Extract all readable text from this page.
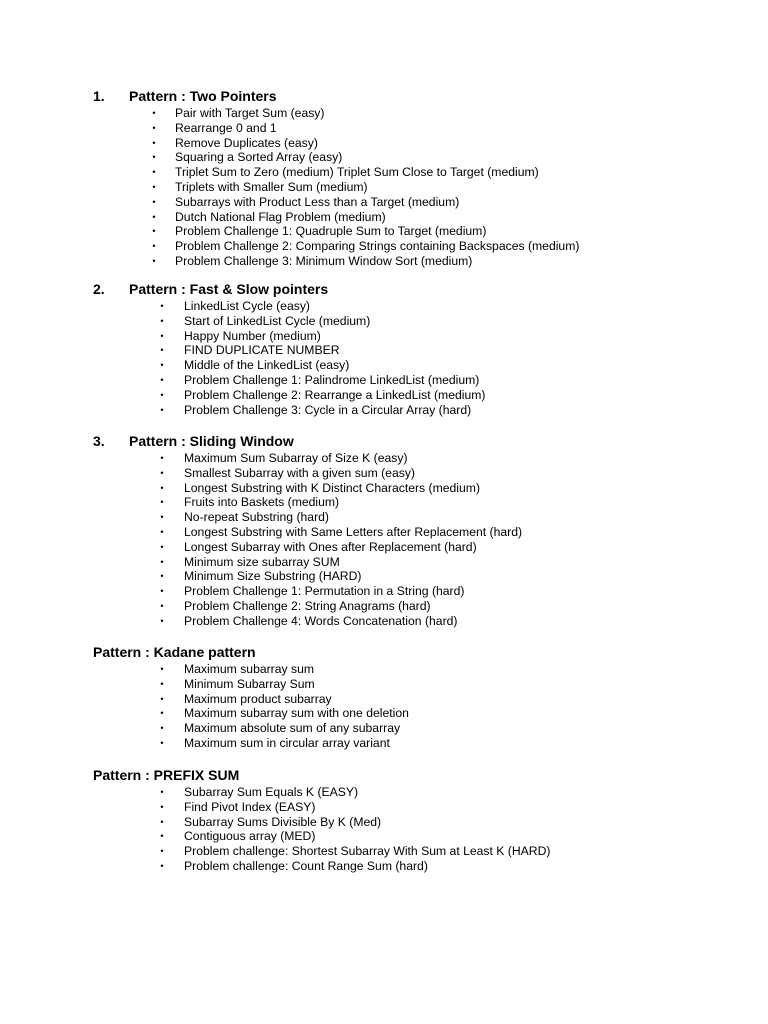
1. Pattern : Two Pointers
• Pair with Target Sum (easy)
• Rearrange 0 and 1
• Remove Duplicates (easy)
• Squaring a Sorted Array (easy)
• Triplet Sum to Zero (medium) Triplet Sum Close to Target (medium)
• Triplets with Smaller Sum (medium)
• Subarrays with Product Less than a Target (medium)
• Dutch National Flag Problem (medium)
• Problem Challenge 1: Quadruple Sum to Target (medium)
• Problem Challenge 2: Comparing Strings containing Backspaces (medium)
• Problem Challenge 3: Minimum Window Sort (medium)
2. Pattern : Fast & Slow pointers
• LinkedList Cycle (easy)
• Start of LinkedList Cycle (medium)
• Happy Number (medium)
• FIND DUPLICATE NUMBER
• Middle of the LinkedList (easy)
• Problem Challenge 1: Palindrome LinkedList (medium)
• Problem Challenge 2: Rearrange a LinkedList (medium)
• Problem Challenge 3: Cycle in a Circular Array (hard)
3. Pattern : Sliding Window
• Maximum Sum Subarray of Size K (easy)
• Smallest Subarray with a given sum (easy)
• Longest Substring with K Distinct Characters (medium)
• Fruits into Baskets (medium)
• No-repeat Substring (hard)
• Longest Substring with Same Letters after Replacement (hard)
• Longest Subarray with Ones after Replacement (hard)
• Minimum size subarray SUM
• Minimum Size Substring (HARD)
• Problem Challenge 1: Permutation in a String (hard)
• Problem Challenge 2: String Anagrams (hard)
• Problem Challenge 4: Words Concatenation (hard)
Pattern : Kadane pattern
• Maximum subarray sum
• Minimum Subarray Sum
• Maximum product subarray
• Maximum subarray sum with one deletion
• Maximum absolute sum of any subarray
• Maximum sum in circular array variant
Pattern : PREFIX SUM
• Subarray Sum Equals K (EASY)
• Find Pivot Index (EASY)
• Subarray Sums Divisible By K (Med)
• Contiguous array (MED)
• Problem challenge: Shortest Subarray With Sum at Least K (HARD)
• Problem challenge: Count Range Sum (hard)
